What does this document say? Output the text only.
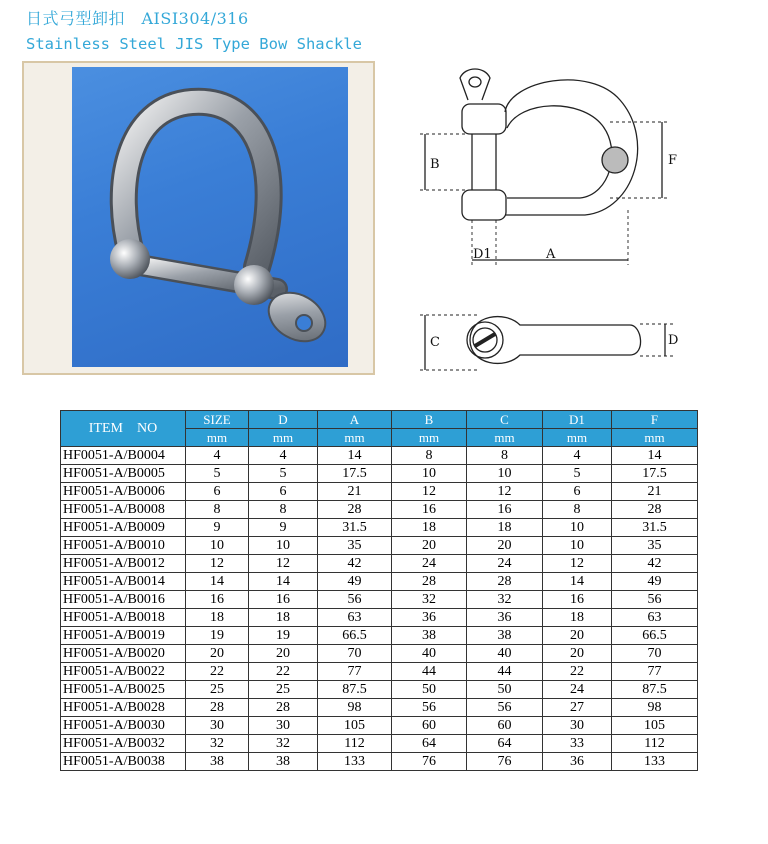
日式弓型卸扣　AISI304/316
Stainless Steel JIS Type Bow Shackle
B	F
D1	A
C	D
ITEM　NO	SIZE	D	A	B	C	D1	F
	mm	mm	mm	mm	mm	mm	mm
HF0051-A/B0004	4	4	14	8	8	4	14
HF0051-A/B0005	5	5	17.5	10	10	5	17.5
HF0051-A/B0006	6	6	21	12	12	6	21
HF0051-A/B0008	8	8	28	16	16	8	28
HF0051-A/B0009	9	9	31.5	18	18	10	31.5
HF0051-A/B0010	10	10	35	20	20	10	35
HF0051-A/B0012	12	12	42	24	24	12	42
HF0051-A/B0014	14	14	49	28	28	14	49
HF0051-A/B0016	16	16	56	32	32	16	56
HF0051-A/B0018	18	18	63	36	36	18	63
HF0051-A/B0019	19	19	66.5	38	38	20	66.5
HF0051-A/B0020	20	20	70	40	40	20	70
HF0051-A/B0022	22	22	77	44	44	22	77
HF0051-A/B0025	25	25	87.5	50	50	24	87.5
HF0051-A/B0028	28	28	98	56	56	27	98
HF0051-A/B0030	30	30	105	60	60	30	105
HF0051-A/B0032	32	32	112	64	64	33	112
HF0051-A/B0038	38	38	133	76	76	36	133
